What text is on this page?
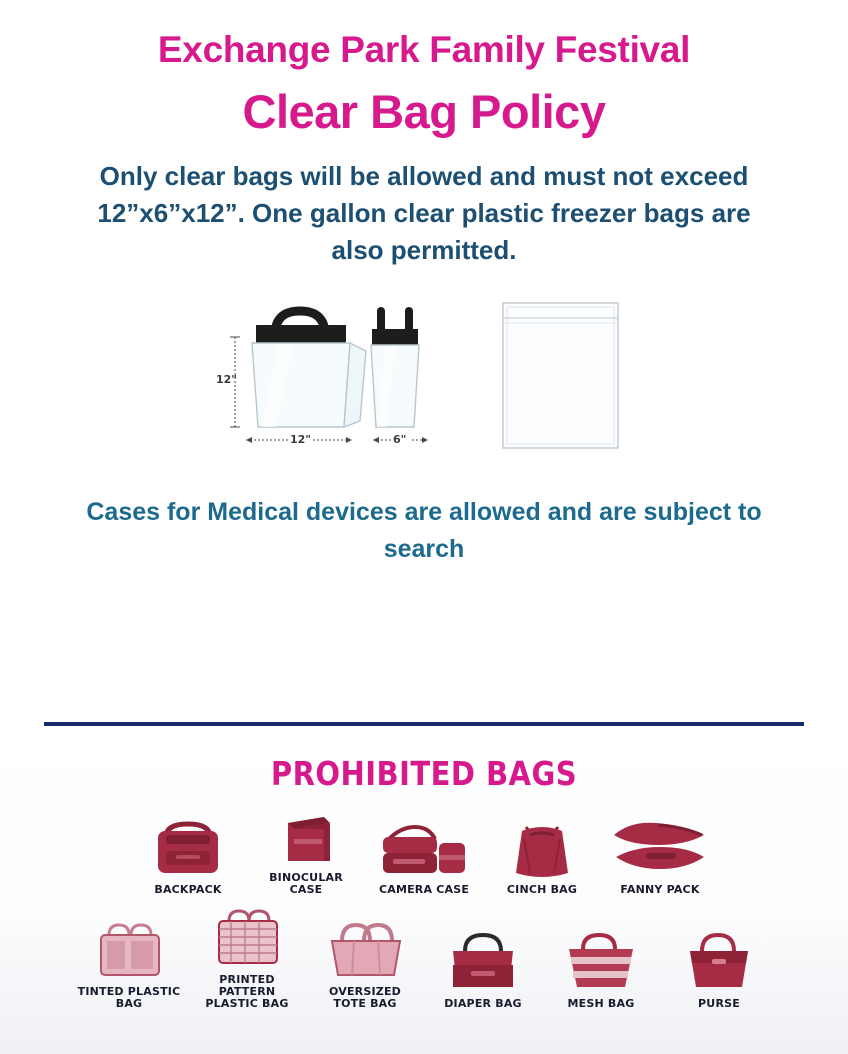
Exchange Park Family Festival
Clear Bag Policy

Only clear bags will be allowed and must not exceed 12”x6”x12”. One gallon clear plastic freezer bags are also permitted.

12"
12"	6"

Cases for Medical devices are allowed and are subject to search

PROHIBITED BAGS
BACKPACK
BINOCULAR CASE	CAMERA CASE	CINCH BAG	FANNY PACK
TINTED PLASTIC BAG
PRINTED PATTERN PLASTIC BAG
OVERSIZED TOTE BAG	DIAPER BAG	MESH BAG	PURSE
